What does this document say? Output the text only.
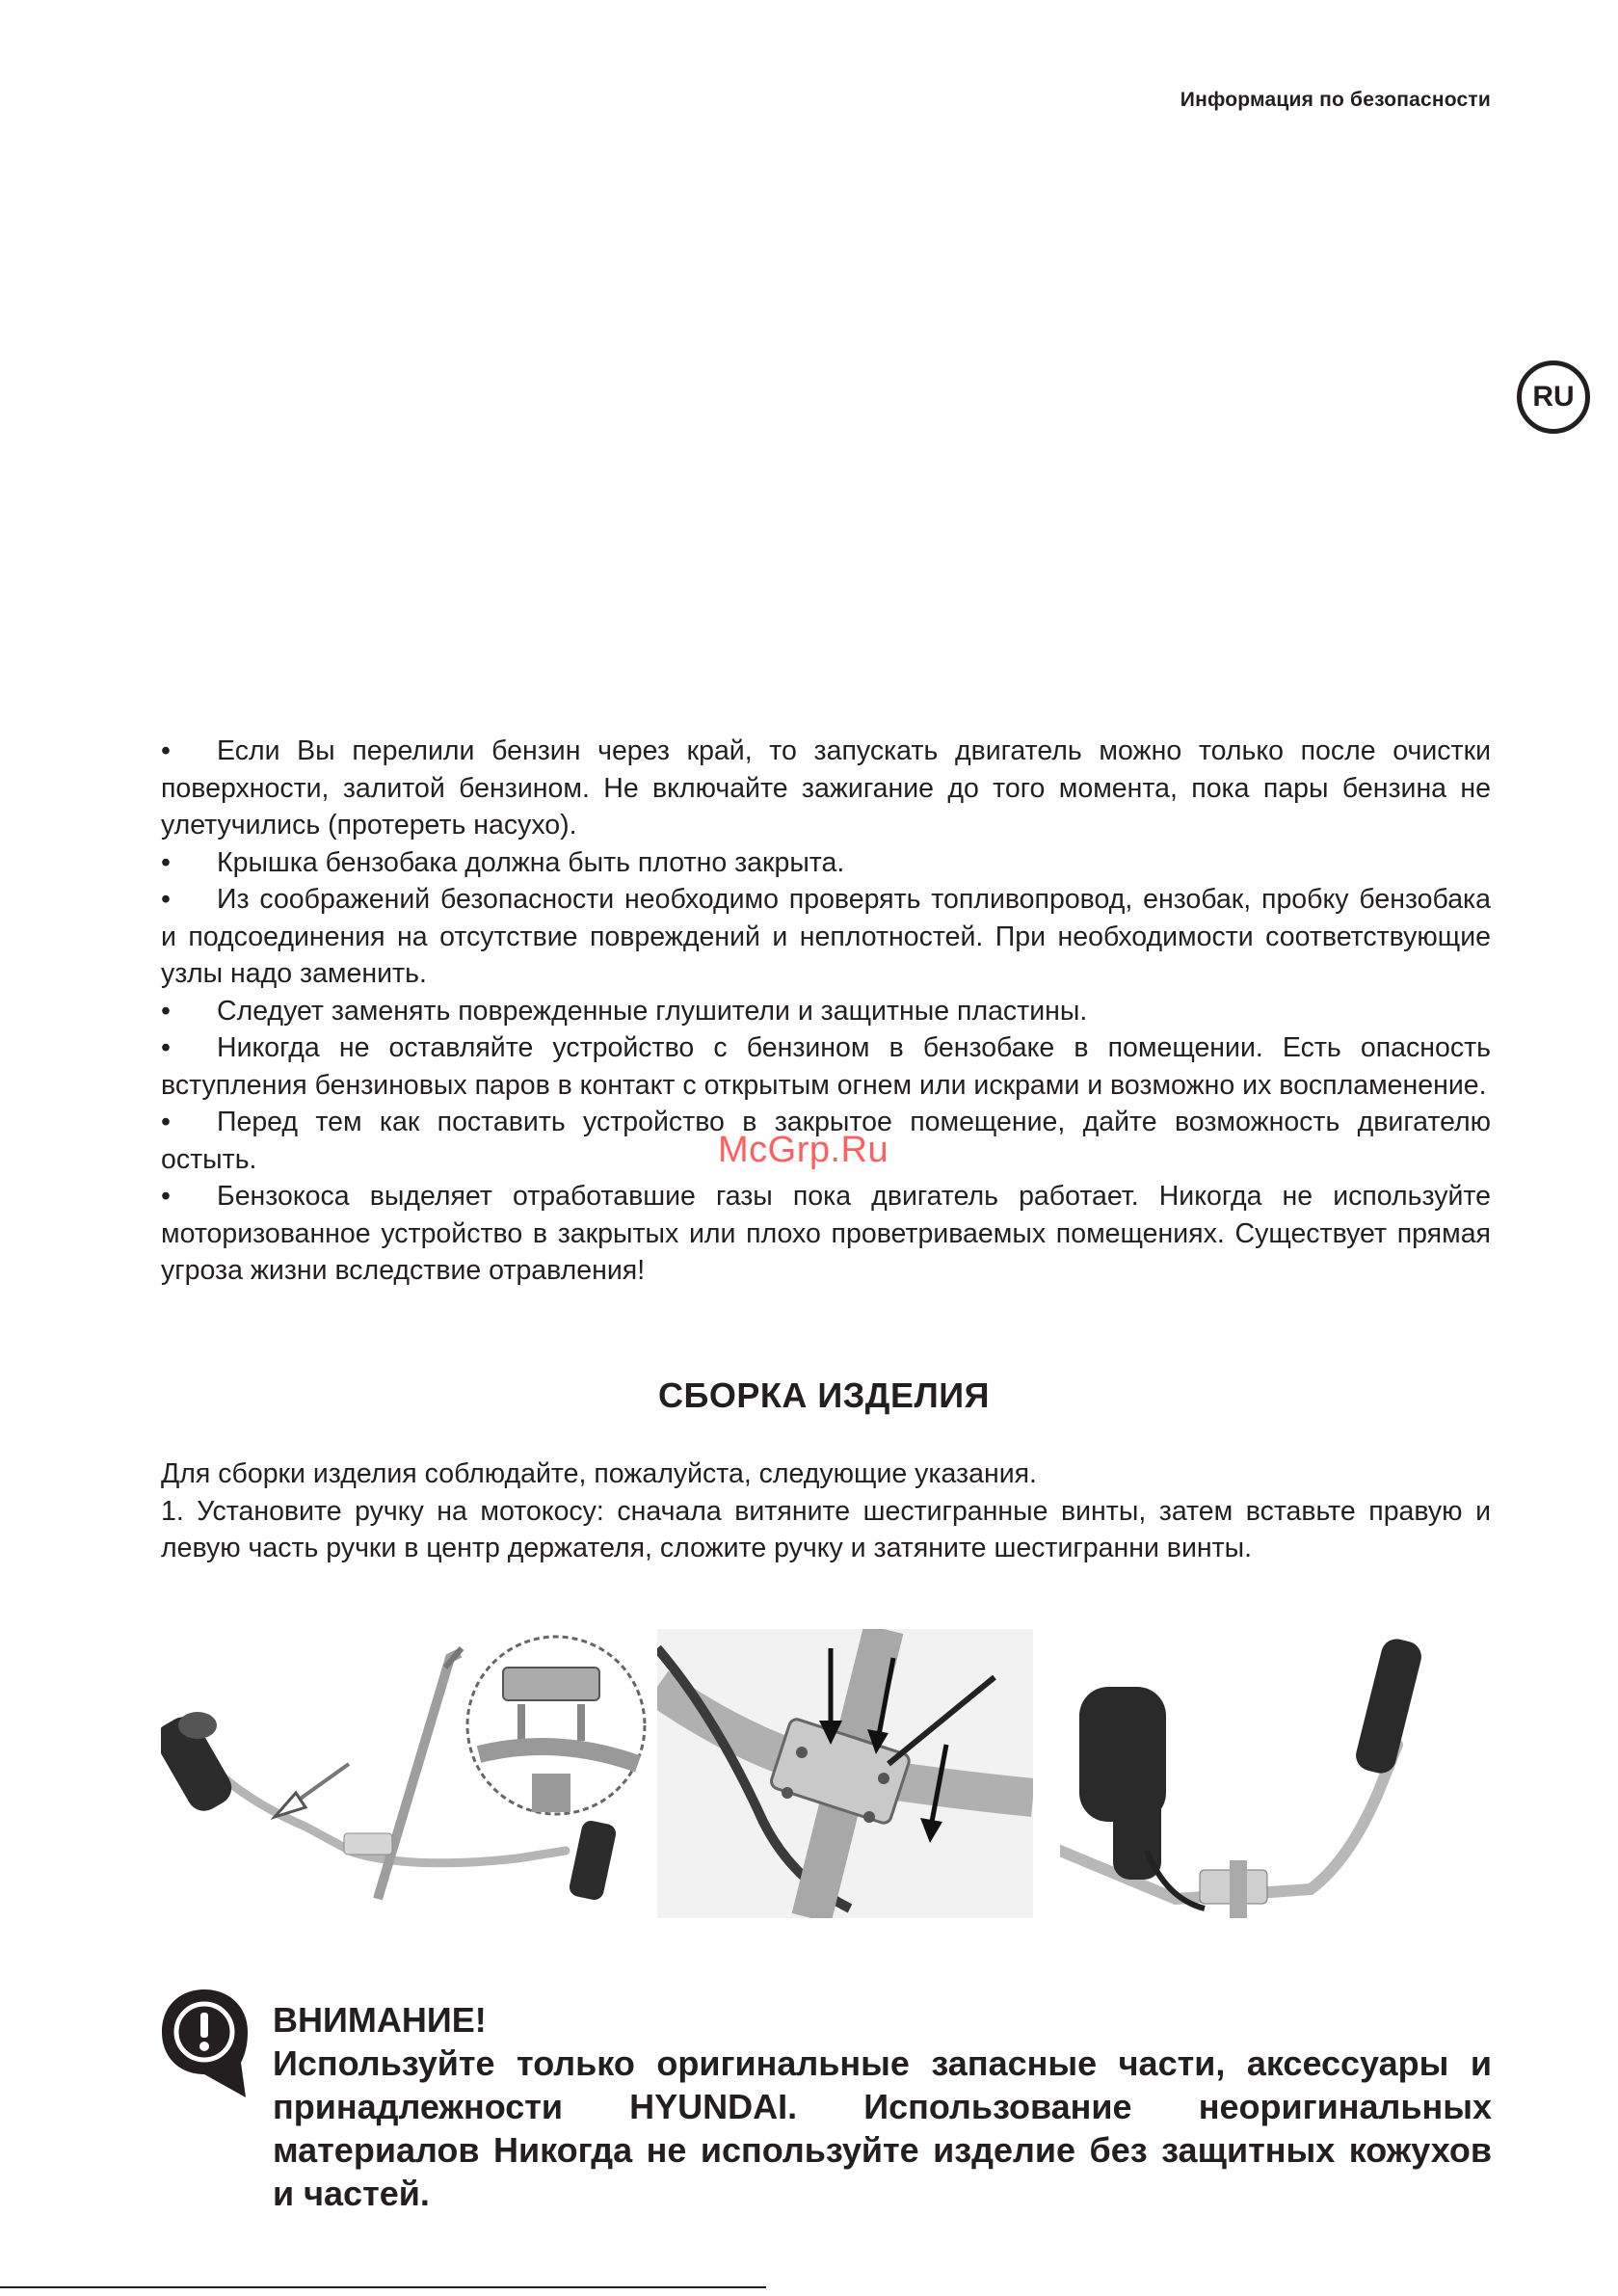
Информация по безопасности
RU

• Если Вы перелили бензин через край, то запускать двигатель можно только после очистки поверхности, залитой бензином. Не включайте зажигание до того момента, пока пары бензина не улетучились (протереть насухо).

• Крышка бензобака должна быть плотно закрыта.

• Из соображений безопасности необходимо проверять топливопровод, ензобак, пробку бензобака и подсоединения на отсутствие повреждений и неплотностей. При необходимости соответствующие узлы надо заменить.

• Следует заменять поврежденные глушители и защитные пластины.

• Никогда не оставляйте устройство с бензином в бензобаке в помещении. Есть опасность вступления бензиновых паров в контакт с открытым огнем или искрами и возможно их воспламенение.

• Перед тем как поставить устройство в закрытое помещение, дайте возможность двигателю остыть.

• Бензокоса выделяет отработавшие газы пока двигатель работает. Никогда не используйте моторизованное устройство в закрытых или плохо проветриваемых помещениях. Существует прямая угроза жизни вследствие отравления!

McGrp.Ru
СБОРКА ИЗДЕЛИЯ

Для сборки изделия соблюдайте, пожалуйста, следующие указания.

1. Установите ручку на мотокосу: сначала витяните шестигранные винты, затем вставьте правую и левую часть ручки в центр держателя, сложите ручку и затяните шестигранни винты.

ВНИМАНИЕ!

Используйте только оригинальные запасные части, аксессуары и принадлежности HYUNDAI. Использование неоригинальных материалов Никогда не используйте изделие без защитных кожухов и частей.
